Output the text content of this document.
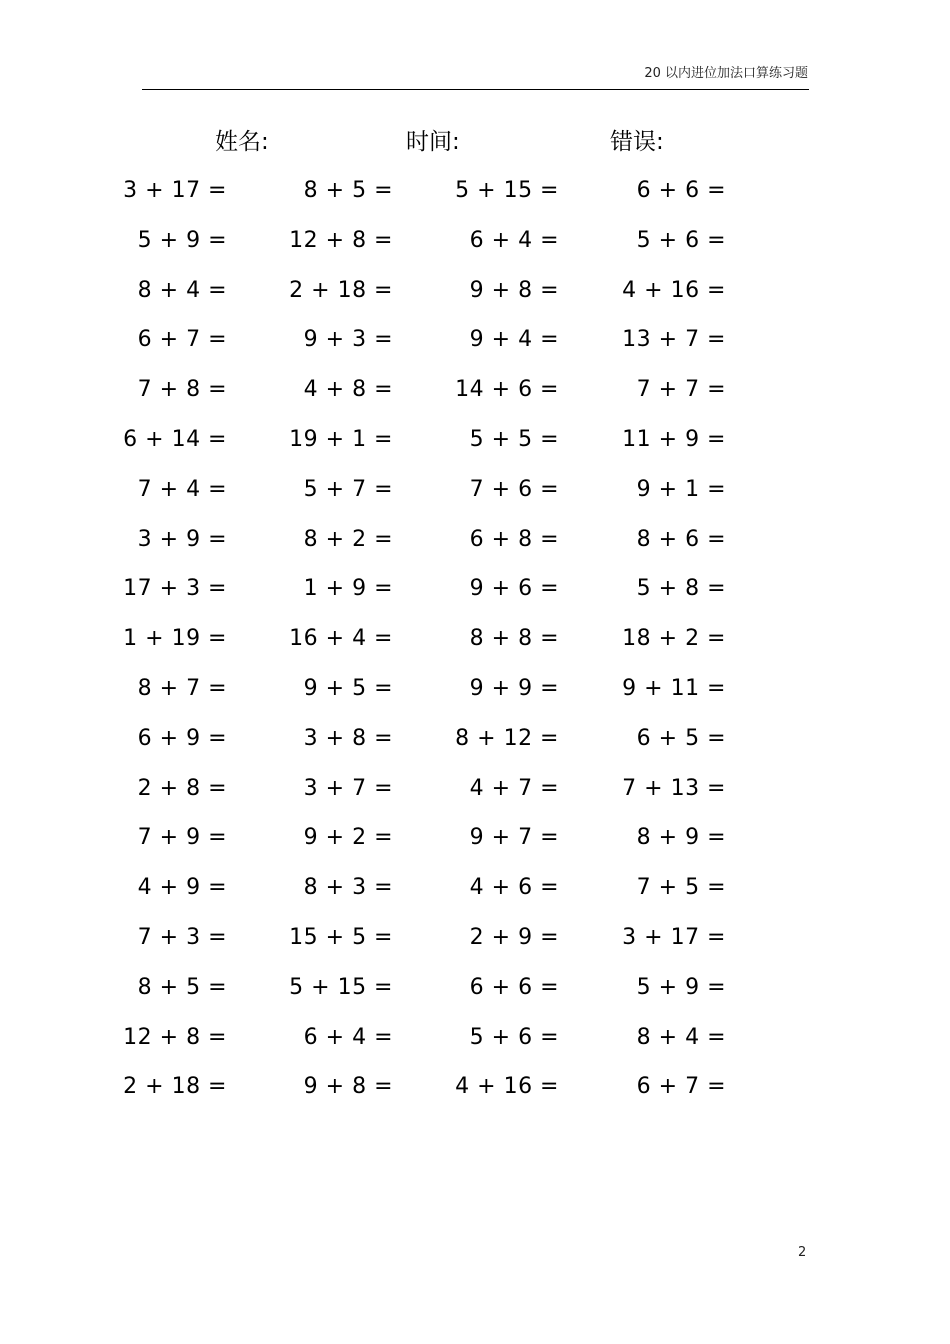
20 以内进位加法口算练习题
姓名:	时间:	错误:
3 + 17 =	8 + 5 =	5 + 15 =	6 + 6 =
5 + 9 =	12 + 8 =	6 + 4 =	5 + 6 =
8 + 4 =	2 + 18 =	9 + 8 =	4 + 16 =
6 + 7 =	9 + 3 =	9 + 4 =	13 + 7 =
7 + 8 =	4 + 8 =	14 + 6 =	7 + 7 =
6 + 14 =	19 + 1 =	5 + 5 =	11 + 9 =
7 + 4 =	5 + 7 =	7 + 6 =	9 + 1 =
3 + 9 =	8 + 2 =	6 + 8 =	8 + 6 =
17 + 3 =	1 + 9 =	9 + 6 =	5 + 8 =
1 + 19 =	16 + 4 =	8 + 8 =	18 + 2 =
8 + 7 =	9 + 5 =	9 + 9 =	9 + 11 =
6 + 9 =	3 + 8 =	8 + 12 =	6 + 5 =
2 + 8 =	3 + 7 =	4 + 7 =	7 + 13 =
7 + 9 =	9 + 2 =	9 + 7 =	8 + 9 =
4 + 9 =	8 + 3 =	4 + 6 =	7 + 5 =
7 + 3 =	15 + 5 =	2 + 9 =	3 + 17 =
8 + 5 =	5 + 15 =	6 + 6 =	5 + 9 =
12 + 8 =	6 + 4 =	5 + 6 =	8 + 4 =
2 + 18 =	9 + 8 =	4 + 16 =	6 + 7 =
2
